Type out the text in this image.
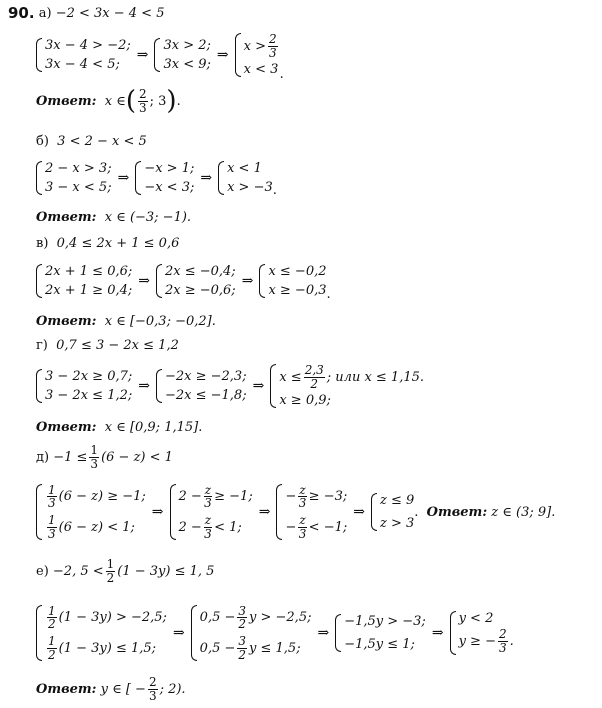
90.
а)
−2 < 3x − 4 < 5
3x − 4 > −2;
3x − 4 < 5;
⇒
3x > 2;
3x < 9;
⇒
$x > \frac{2}{3}$
x < 3 .
Ответ:
x ∈ ( $\frac{2}{3}$ ; 3 ) .
б) 3 < 2 − x < 5
2 − x > 3;
3 − x < 5;
⇒
−x > 1;
−x < 3;
⇒
x < 1
x > −3 .
Ответ: x ∈ (−3; −1).
в) 0,4 ≤ 2x + 1 ≤ 0,6
2x + 1 ≤ 0,6;
2x + 1 ≥ 0,4;
⇒
2x ≤ −0,4;
2x ≥ −0,6;
⇒
x ≤ −0,2
x ≥ −0,3 .
Ответ: x ∈ [−0,3; −0,2].
г) 0,7 ≤ 3 − 2x ≤ 1,2
3 − 2x ≥ 0,7;
3 − 2x ≤ 1,2;
⇒
−2x ≥ −2,3;
−2x ≤ −1,8;
⇒
$x \le \frac{2,3}{2}$ ; или x ≤ 1,15.
x ≥ 0,9;
Ответ: x ∈ [0,9; 1,15].
д)
$-1 \le \frac{1}{3} (6 - z) < 1$
$\frac{1}{3} (6 - z) \ge -1$;
$\frac{1}{3} (6 - z) < 1$;
⇒
$2 - \frac{z}{3} \ge -1$;
$2 - \frac{z}{3} < 1$;
⇒
− $\frac{z}{3} \ge -3$;
− $\frac{z}{3} < -1$;
⇒
z ≤ 9
z > 3
. Ответ:
z ∈ (3; 9].
е)
−2, $5 < \frac{1}{2} (1 - 3y) \le 1$, 5
$\frac{1}{2} (1 - 3y) > -2,5$;
$\frac{1}{2} (1 - 3y) \le 1,5$;
⇒
$0,5 - \frac{3}{2}$ y > −2,5;
$0,5 - \frac{3}{2}$ y ≤ 1,5;
⇒
−1,5y > −3;
−1,5y ≤ 1;
⇒
y < 2
y ≥ − $\frac{2}{3}$ .
Ответ:
y ∈ [ − $\frac{2}{3}$ ; 2).
